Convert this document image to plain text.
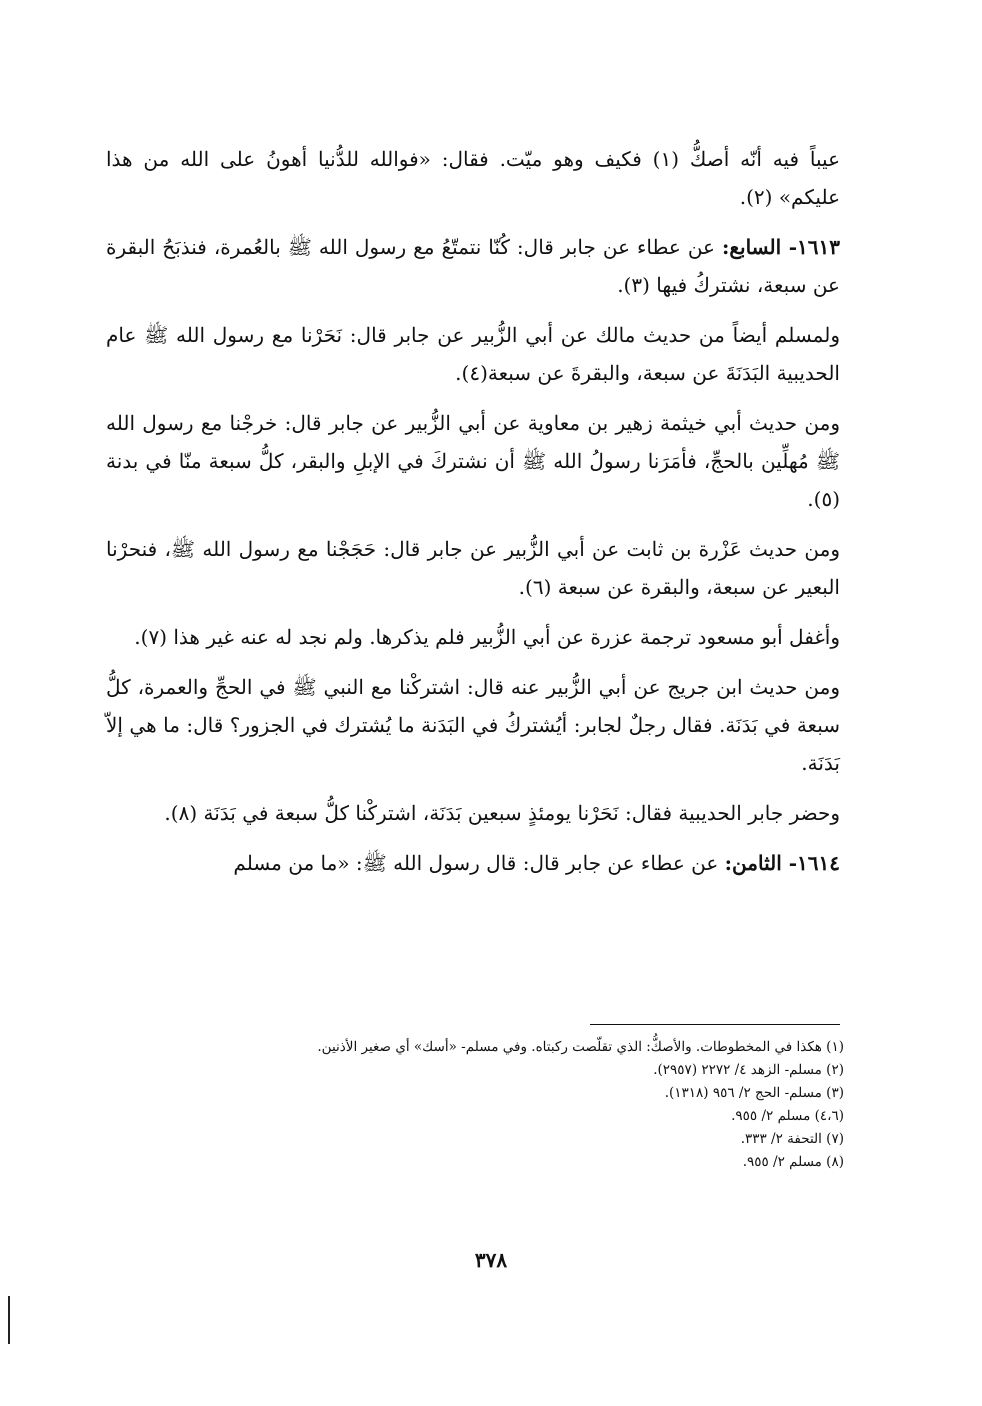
عيباً فيه أنّه أصكُّ (١) فكيف وهو ميّت. فقال: «فوالله للدُّنيا أهونُ على الله من هذا عليكم» (٢).

١٦١٣- السابع: عن عطاء عن جابر قال: كُنّا نتمتّعُ مع رسول الله ﷺ بالعُمرة، فنذبَحُ البقرة عن سبعة، نشتركُ فيها (٣).

ولمسلم أيضاً من حديث مالك عن أبي الزُّبير عن جابر قال: نَحَرْنا مع رسول الله ﷺ عام الحديبية البَدَنَةَ عن سبعة، والبقرةَ عن سبعة(٤).

ومن حديث أبي خيثمة زهير بن معاوية عن أبي الزُّبير عن جابر قال: خرجْنا مع رسول الله ﷺ مُهلِّين بالحجِّ، فأمَرَنا رسولُ الله ﷺ أن نشتركَ في الإبلِ والبقر، كلُّ سبعة منّا في بدنة (٥).

ومن حديث عَزْرة بن ثابت عن أبي الزُّبير عن جابر قال: حَجَجْنا مع رسول الله ﷺ، فنحرْنا البعير عن سبعة، والبقرة عن سبعة (٦).

وأغفل أبو مسعود ترجمة عزرة عن أبي الزُّبير فلم يذكرها. ولم نجد له عنه غير هذا (٧).

ومن حديث ابن جريج عن أبي الزُّبير عنه قال: اشتركْنا مع النبي ﷺ في الحجِّ والعمرة، كلُّ سبعة في بَدَنَة. فقال رجلٌ لجابر: أيُشتركُ في البَدَنة ما يُشترك في الجزور؟ قال: ما هي إلاّ بَدَنَة.

وحضر جابر الحديبية فقال: نَحَرْنا يومئذٍ سبعين بَدَنَة، اشتركْنا كلُّ سبعة في بَدَنَة (٨).

١٦١٤- الثامن: عن عطاء عن جابر قال: قال رسول الله ﷺ: «ما من مسلم

(١) هكذا في المخطوطات. والأصكُّ: الذي تقلّصت ركبتاه. وفي مسلم- «أسك» أي صغير الأذنين.
(٢) مسلم- الزهد ٤/ ٢٢٧٢ (٢٩٥٧).
(٣) مسلم- الحج ٢/ ٩٥٦ (١٣١٨).
(٤،٦) مسلم ٢/ ٩٥٥.
(٧) التحفة ٢/ ٣٣٣.
(٨) مسلم ٢/ ٩٥٥.
٣٧٨
